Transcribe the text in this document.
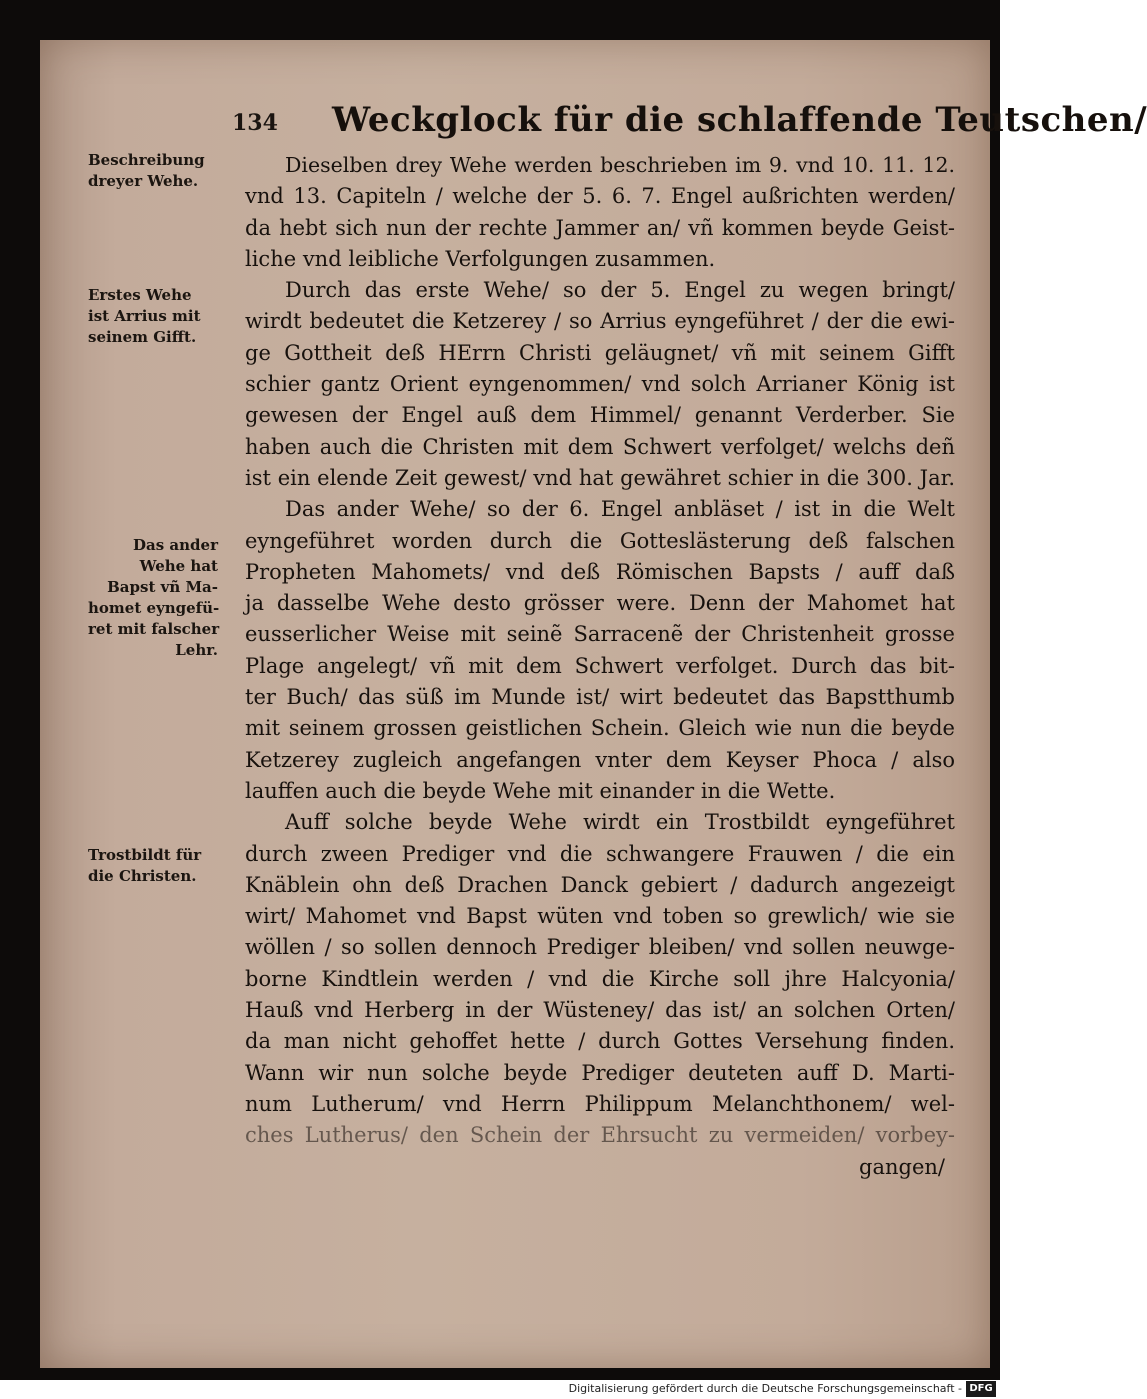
134 Weckglock für die schlaffende Teutschen/
Beschreibung
dreyer Wehe.
Erstes Wehe
ist Arrius mit
seinem Gifft.
Das ander
Wehe hat
Bapst vñ Ma-
homet eyngefü-
ret mit falscher
Lehr.
Trostbildt für
die Christen.

Dieselben drey Wehe werden beschrieben im 9. vnd 10. 11. 12.
vnd 13. Capiteln / welche der 5. 6. 7. Engel außrichten werden/
da hebt sich nun der rechte Jammer an/ vñ kommen beyde Geist-
liche vnd leibliche Verfolgungen zusammen.

Durch das erste Wehe/ so der 5. Engel zu wegen bringt/
wirdt bedeutet die Ketzerey / so Arrius eyngeführet / der die ewi-
ge Gottheit deß HErrn Christi geläugnet/ vñ mit seinem Gifft
schier gantz Orient eyngenommen/ vnd solch Arrianer König ist
gewesen der Engel auß dem Himmel/ genannt Verderber. Sie
haben auch die Christen mit dem Schwert verfolget/ welchs deñ
ist ein elende Zeit gewest/ vnd hat gewähret schier in die 300. Jar.

Das ander Wehe/ so der 6. Engel anbläset / ist in die Welt
eyngeführet worden durch die Gotteslästerung deß falschen
Propheten Mahomets/ vnd deß Römischen Bapsts / auff daß
ja dasselbe Wehe desto grösser were. Denn der Mahomet hat
eusserlicher Weise mit seinẽ Sarracenẽ der Christenheit grosse
Plage angelegt/ vñ mit dem Schwert verfolget. Durch das bit-
ter Buch/ das süß im Munde ist/ wirt bedeutet das Bapstthumb
mit seinem grossen geistlichen Schein. Gleich wie nun die beyde
Ketzerey zugleich angefangen vnter dem Keyser Phoca / also
lauffen auch die beyde Wehe mit einander in die Wette.

Auff solche beyde Wehe wirdt ein Trostbildt eyngeführet
durch zween Prediger vnd die schwangere Frauwen / die ein
Knäblein ohn deß Drachen Danck gebiert / dadurch angezeigt
wirt/ Mahomet vnd Bapst wüten vnd toben so grewlich/ wie sie
wöllen / so sollen dennoch Prediger bleiben/ vnd sollen neuwge-
borne Kindtlein werden / vnd die Kirche soll jhre Halcyonia/
Hauß vnd Herberg in der Wüsteney/ das ist/ an solchen Orten/
da man nicht gehoffet hette / durch Gottes Versehung finden.
Wann wir nun solche beyde Prediger deuteten auff D. Marti-
num Lutherum/ vnd Herrn Philippum Melanchthonem/ wel-
ches Lutherus/ den Schein der Ehrsucht zu vermeiden/ vorbey-

gangen/
Digitalisierung gefördert durch die Deutsche Forschungsgemeinschaft - DFG
